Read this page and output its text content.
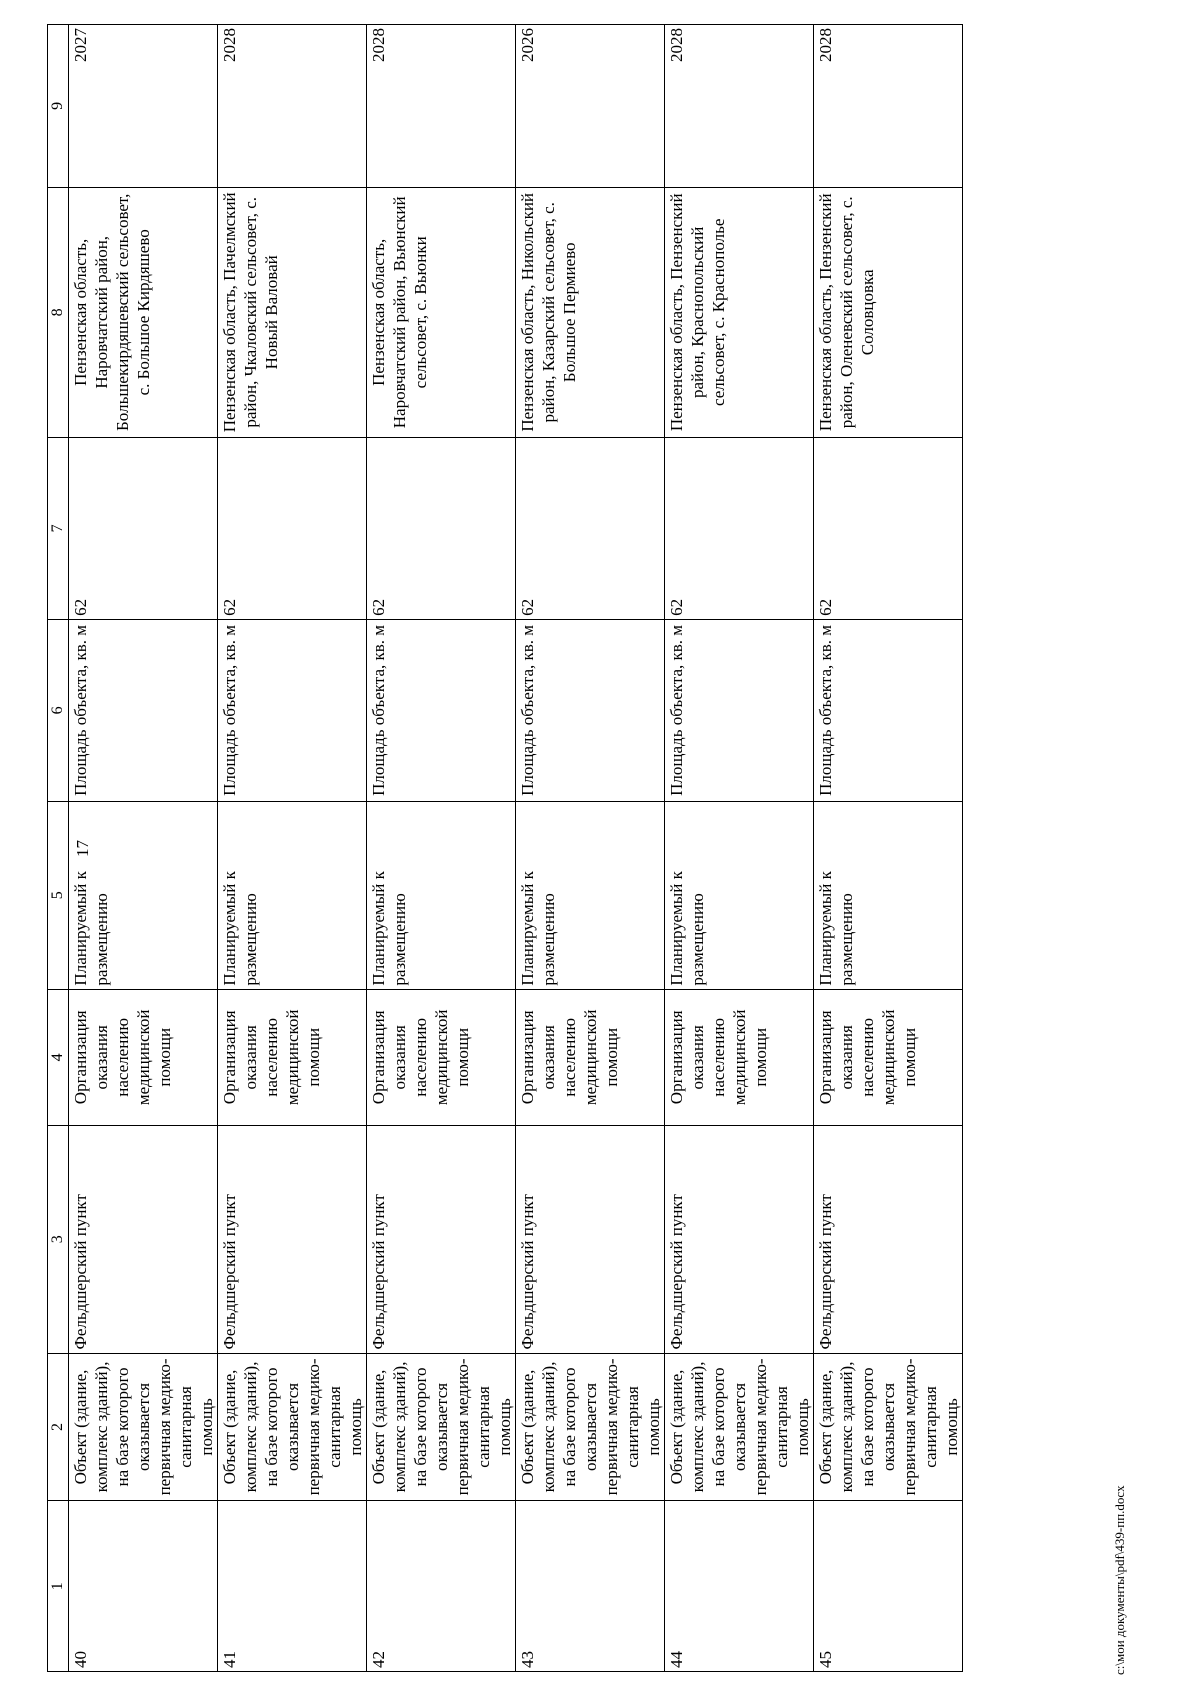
17
1	2	3	4	5	6	7	8	9
40	Объект (здание, комплекс зданий), на базе которого оказывается первичная медико-санитарная помощь	Фельдшерский пункт	Организация оказания населению медицинской помощи	Планируемый к размещению	Площадь объекта, кв. м	62	Пензенская область, Наровчатский район, Большекирдяшевский сельсовет, с. Большое Кирдяшево	2027
41	Объект (здание, комплекс зданий), на базе которого оказывается первичная медико-санитарная помощь	Фельдшерский пункт	Организация оказания населению медицинской помощи	Планируемый к размещению	Площадь объекта, кв. м	62	Пензенская область, Пачелмский район, Чкаловский сельсовет, с. Новый Валовай	2028
42	Объект (здание, комплекс зданий), на базе которого оказывается первичная медико-санитарная помощь	Фельдшерский пункт	Организация оказания населению медицинской помощи	Планируемый к размещению	Площадь объекта, кв. м	62	Пензенская область, Наровчатский район, Вьюнский сельсовет, с. Вьюнки	2028
43	Объект (здание, комплекс зданий), на базе которого оказывается первичная медико-санитарная помощь	Фельдшерский пункт	Организация оказания населению медицинской помощи	Планируемый к размещению	Площадь объекта, кв. м	62	Пензенская область, Никольский район, Казарский сельсовет, с. Большое Пермиево	2026
44	Объект (здание, комплекс зданий), на базе которого оказывается первичная медико-санитарная помощь	Фельдшерский пункт	Организация оказания населению медицинской помощи	Планируемый к размещению	Площадь объекта, кв. м	62	Пензенская область, Пензенский район, Краснопольский сельсовет, с. Краснополье	2028
45	Объект (здание, комплекс зданий), на базе которого оказывается первичная медико-санитарная помощь	Фельдшерский пункт	Организация оказания населению медицинской помощи	Планируемый к размещению	Площадь объекта, кв. м	62	Пензенская область, Пензенский район, Оленевский сельсовет, с. Соловцовка	2028
c:\мои документы\pdf\439-пп.docx
